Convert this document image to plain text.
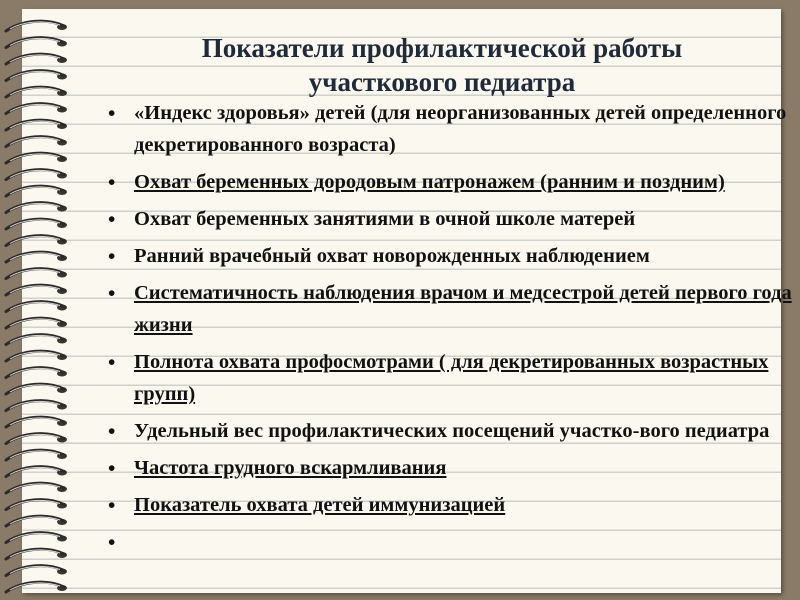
Показатели профилактической работы
участкового педиатра
• «Индекс здоровья» детей (для неорганизованных детей определенного декретированного возраста)
• Охват беременных дородовым патронажем (ранним и поздним)
• Охват беременных занятиями в очной школе матерей
• Ранний врачебный охват новорожденных наблюдением
• Систематичность наблюдения врачом и медсестрой детей первого года жизни
• Полнота охвата профосмотрами ( для декретированных возрастных групп)
• Удельный вес профилактических посещений участко-вого педиатра
• Частота грудного вскармливания
• Показатель охвата детей иммунизацией
•
